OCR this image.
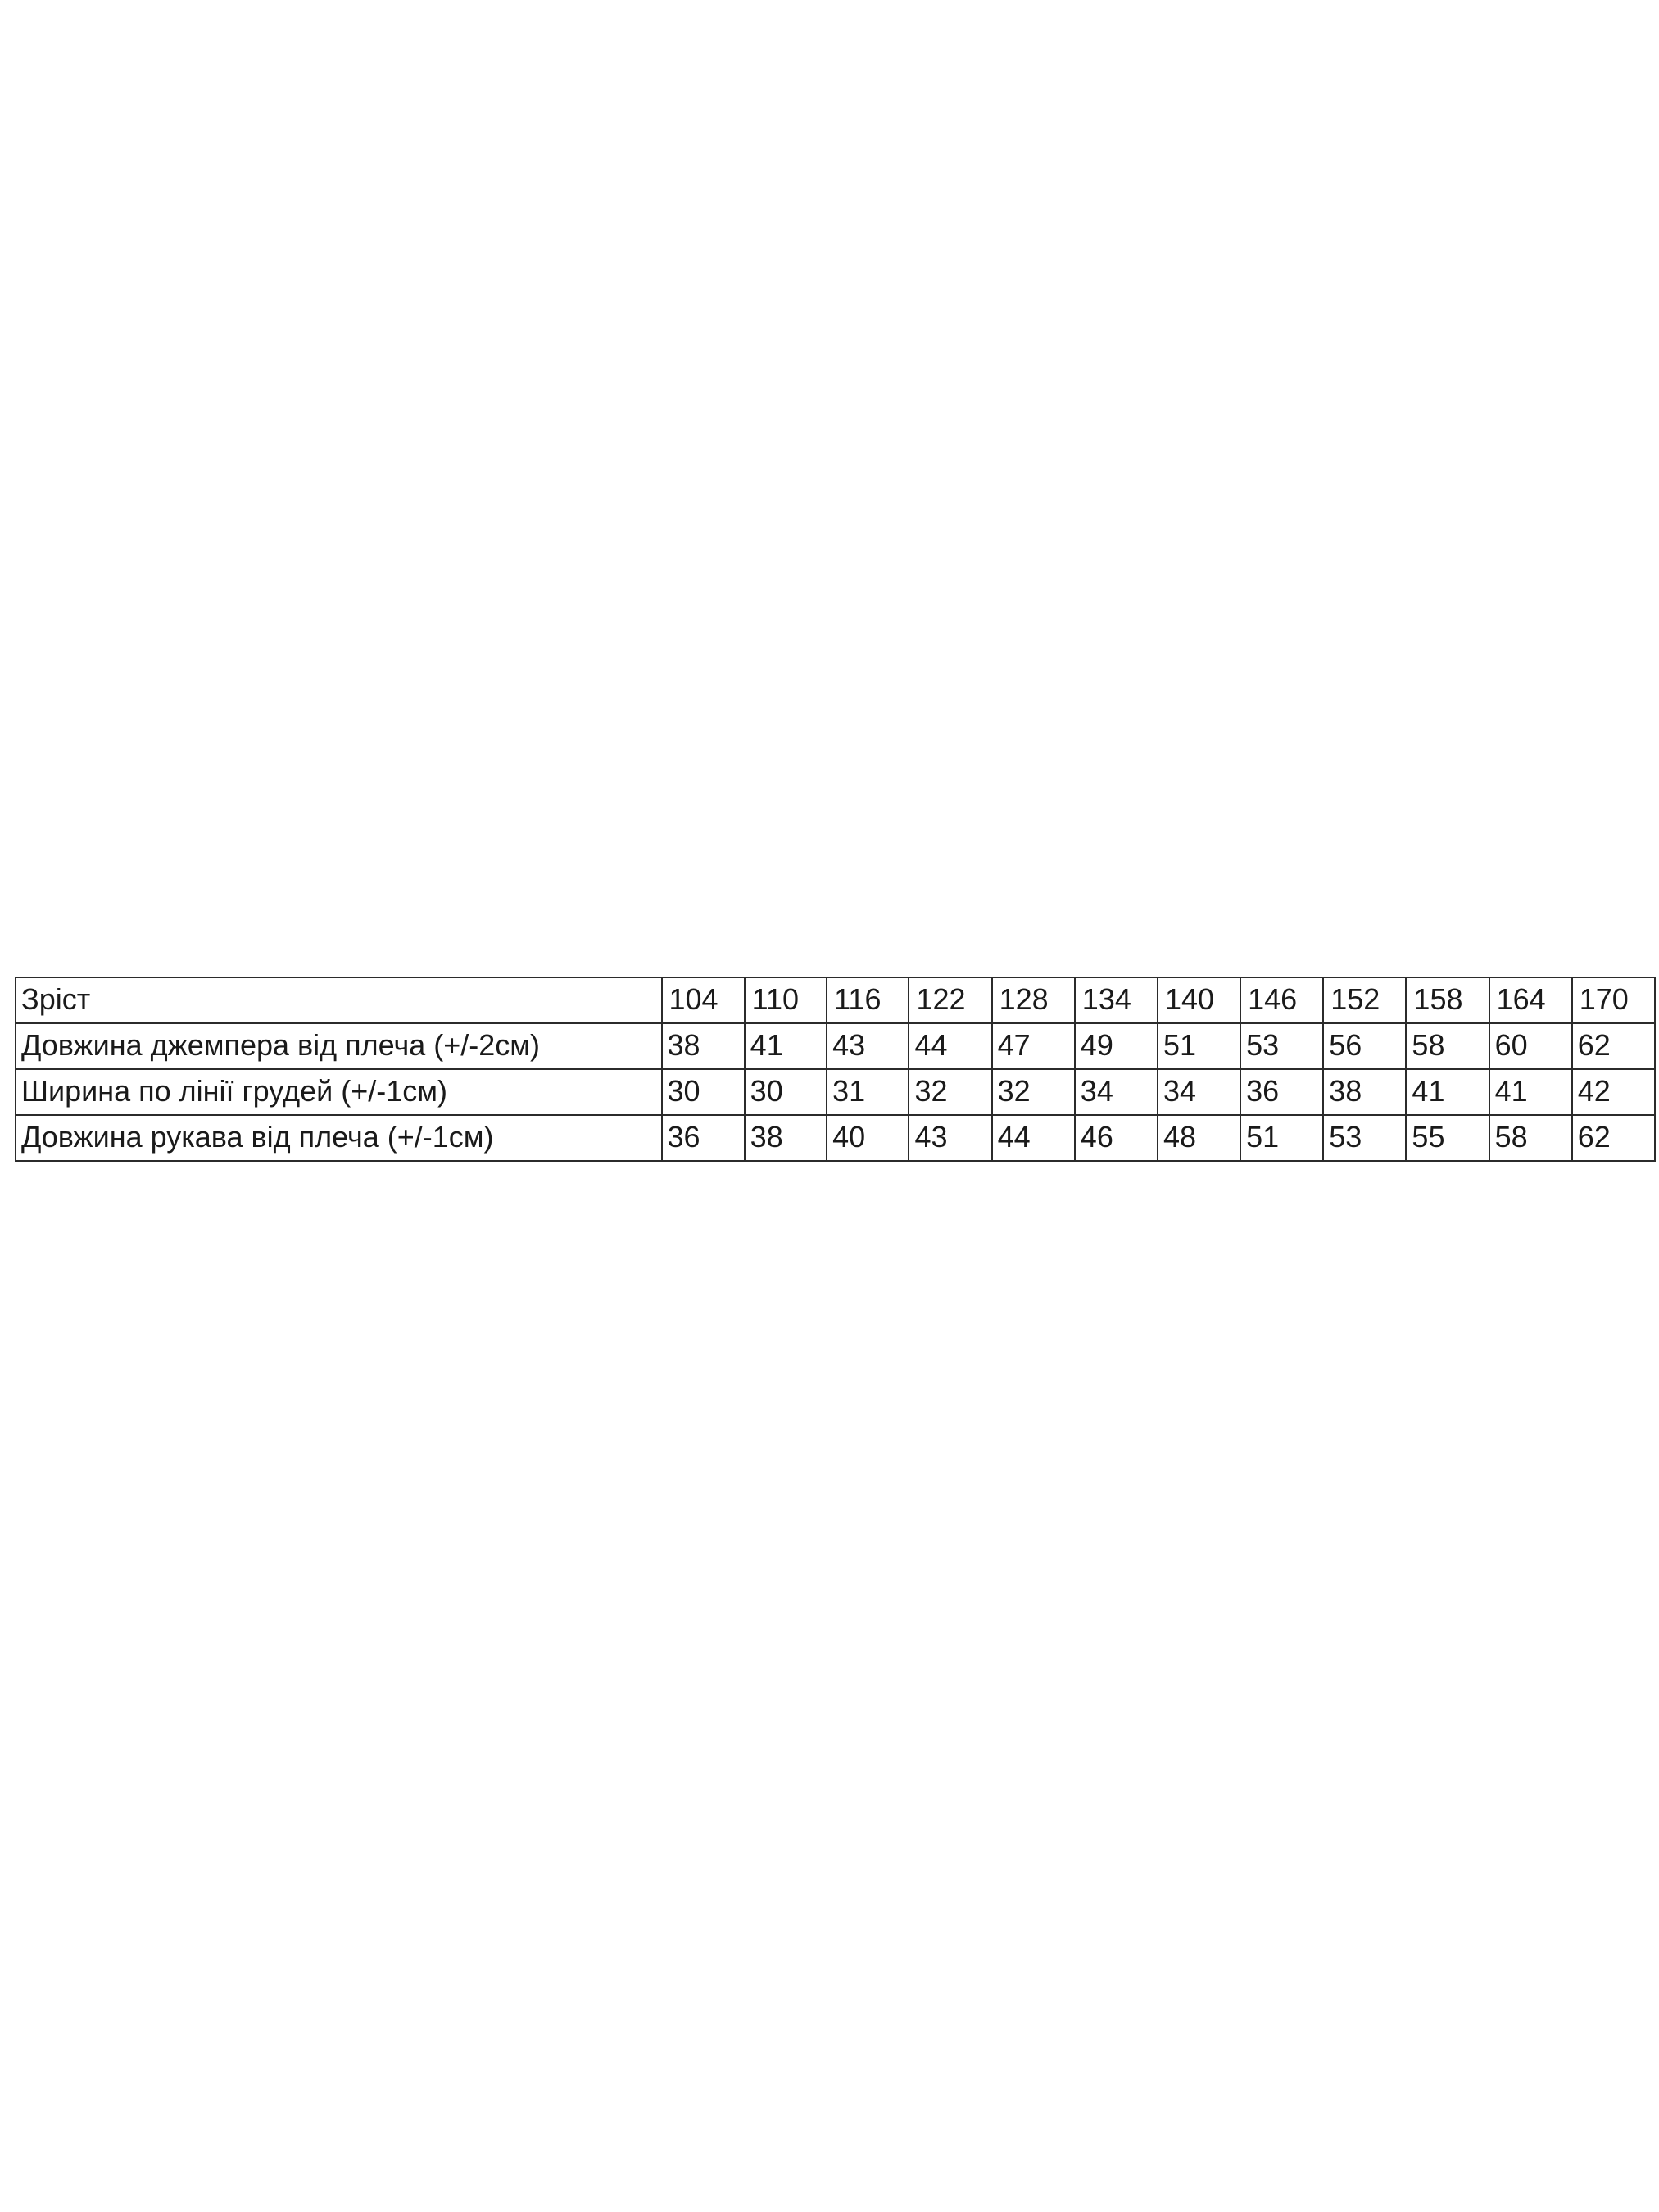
Зріст	104	110	116	122	128	134	140	146	152	158	164	170
Довжина джемпера від плеча (+/-2см)	38	41	43	44	47	49	51	53	56	58	60	62
Ширина по лінії грудей (+/-1см)	30	30	31	32	32	34	34	36	38	41	41	42
Довжина рукава від плеча (+/-1см)	36	38	40	43	44	46	48	51	53	55	58	62
